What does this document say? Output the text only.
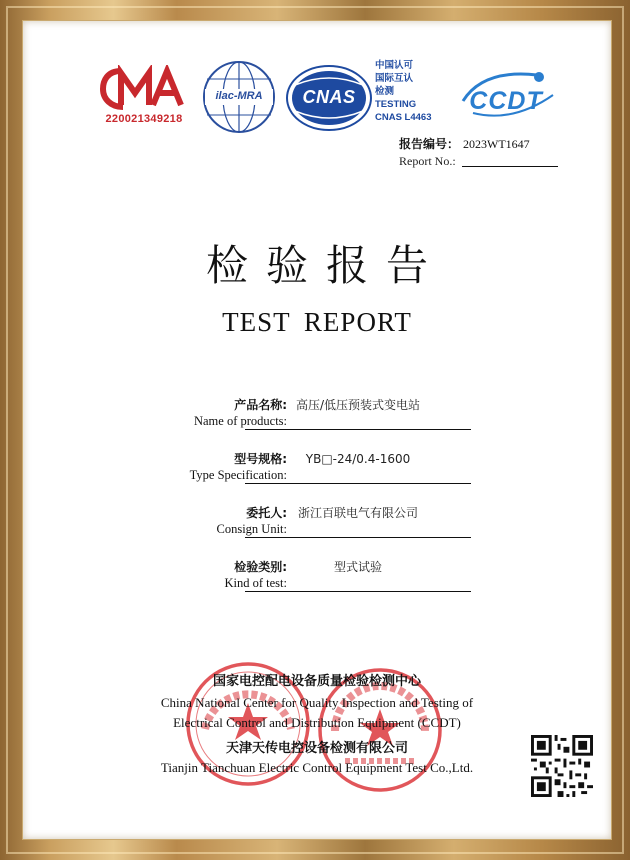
220021349218
ilac-MRA	CNAS
中国认可
国际互认
检测
TESTING
CNAS L4463
CCDT
报告编号： 2023WT1647
Report No.:
检验报告
TEST REPORT
产品名称:
Name of products:
高压/低压预装式变电站
型号规格:
Type Specification:
YB□-24/0.4-1600
委托人:
Consign Unit:
浙江百联电气有限公司
检验类别:
Kind of test:
型式试验
国家电控配电设备质量检验检测中心
China National Center for Quality Inspection and Testing of
Electrical Control and Distribution Equipment (CCDT)
天津天传电控设备检测有限公司
Tianjin Tianchuan Electric Control Equipment Test Co.,Ltd.
